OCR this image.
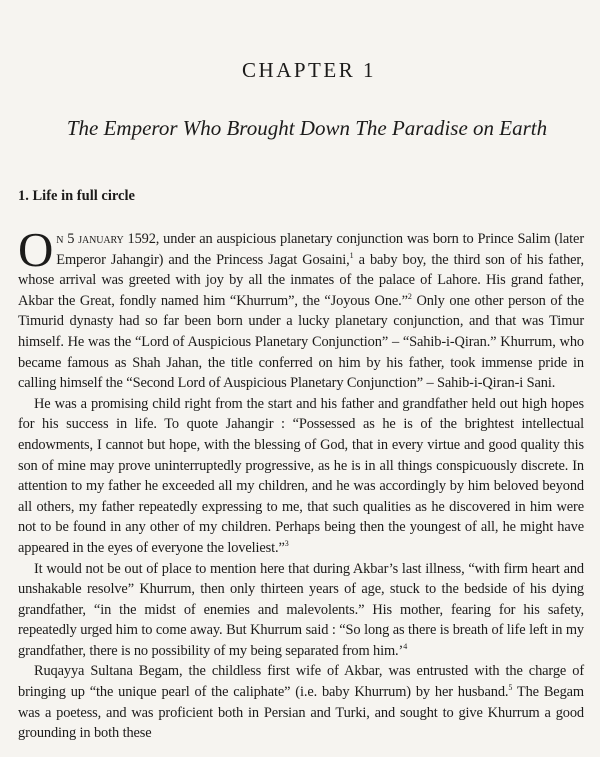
CHAPTER 1
The Emperor Who Brought Down The Paradise on Earth
1. Life in full circle

On 5 january 1592, under an auspicious planetary conjunction was born to Prince Salim (later Emperor Jahangir) and the Princess Jagat Gosaini,$^1$ a baby boy, the third son of his father, whose arrival was greeted with joy by all the inmates of the palace of Lahore. His grand father, Akbar the Great, fondly named him “Khurrum”, the “Joyous One.”$^2$ Only one other person of the Timurid dynasty had so far been born under a lucky planetary conjunction, and that was Timur himself. He was the “Lord of Auspicious Planetary Conjunction” – “Sahib-i-Qiran.” Khurrum, who became famous as Shah Jahan, the title conferred on him by his father, took immense pride in calling himself the “Second Lord of Auspicious Planetary Conjunction” – Sahib-i-Qiran-i Sani.

He was a promising child right from the start and his father and grandfather held out high hopes for his success in life. To quote Jahangir : “Possessed as he is of the brightest intellectual endowments, I cannot but hope, with the blessing of God, that in every virtue and good quality this son of mine may prove uninterruptedly progressive, as he is in all things conspicuously discrete. In attention to my father he exceeded all my children, and he was accordingly by him beloved beyond all others, my father repeatedly expressing to me, that such qualities as he discovered in him were not to be found in any other of my children. Perhaps being then the youngest of all, he might have appeared in the eyes of everyone the loveliest.”$^3$

It would not be out of place to mention here that during Akbar’s last illness, “with firm heart and unshakable resolve” Khurrum, then only thirteen years of age, stuck to the bedside of his dying grandfather, “in the midst of enemies and malevolents.” His mother, fearing for his safety, repeatedly urged him to come away. But Khurrum said : “So long as there is breath of life left in my grandfather, there is no possibility of my being separated from him.’$^4$

Ruqayya Sultana Begam, the childless first wife of Akbar, was entrusted with the charge of bringing up “the unique pearl of the caliphate” (i.e. baby Khurrum) by her husband.$^5$ The Begam was a poetess, and was proficient both in Persian and Turki, and sought to give Khurrum a good grounding in both these
